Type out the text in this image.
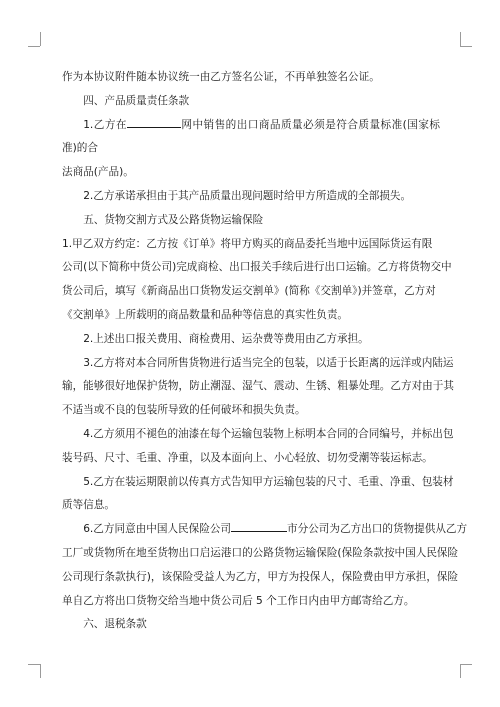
作为本协议附件随本协议统一由乙方签名公证，不再单独签名公证。

四、产品质量责任条款

1.乙方在	网中销售的出口商品质量必须是符合质量标准(国家标准)的合

法商品(产品)。

2.乙方承诺承担由于其产品质量出现问题时给甲方所造成的全部损失。

五、货物交割方式及公路货物运输保险

1.甲乙双方约定：乙方按《订单》将甲方购买的商品委托当地中远国际货运有限
公司(以下简称中货公司)完成商检、出口报关手续后进行出口运输。乙方将货物交中
货公司后，填写《新商品出口货物发运交割单》(简称《交割单》)并签章，乙方对
《交割单》上所载明的商品数量和品种等信息的真实性负责。

2.上述出口报关费用、商检费用、运杂费等费用由乙方承担。

3.乙方将对本合同所售货物进行适当完全的包装，以适于长距离的远洋或内陆运
输，能够很好地保护货物，防止潮湿、湿气、震动、生锈、粗暴处理。乙方对由于其
不适当或不良的包装所导致的任何破坏和损失负责。

4.乙方须用不褪色的油漆在每个运输包装物上标明本合同的合同编号，并标出包
装号码、尺寸、毛重、净重，以及本面向上、小心轻放、切勿受潮等装运标志。

5.乙方在装运期限前以传真方式告知甲方运输包装的尺寸、毛重、净重、包装材
质等信息。

6.乙方同意由中国人民保险公司	市分公司为乙方出口的货物提供从乙方
工厂或货物所在地至货物出口启运港口的公路货物运输保险(保险条款按中国人民保险
公司现行条款执行)，该保险受益人为乙方，甲方为投保人，保险费由甲方承担，保险
单自乙方将出口货物交给当地中货公司后 5 个工作日内由甲方邮寄给乙方。

六、退税条款
